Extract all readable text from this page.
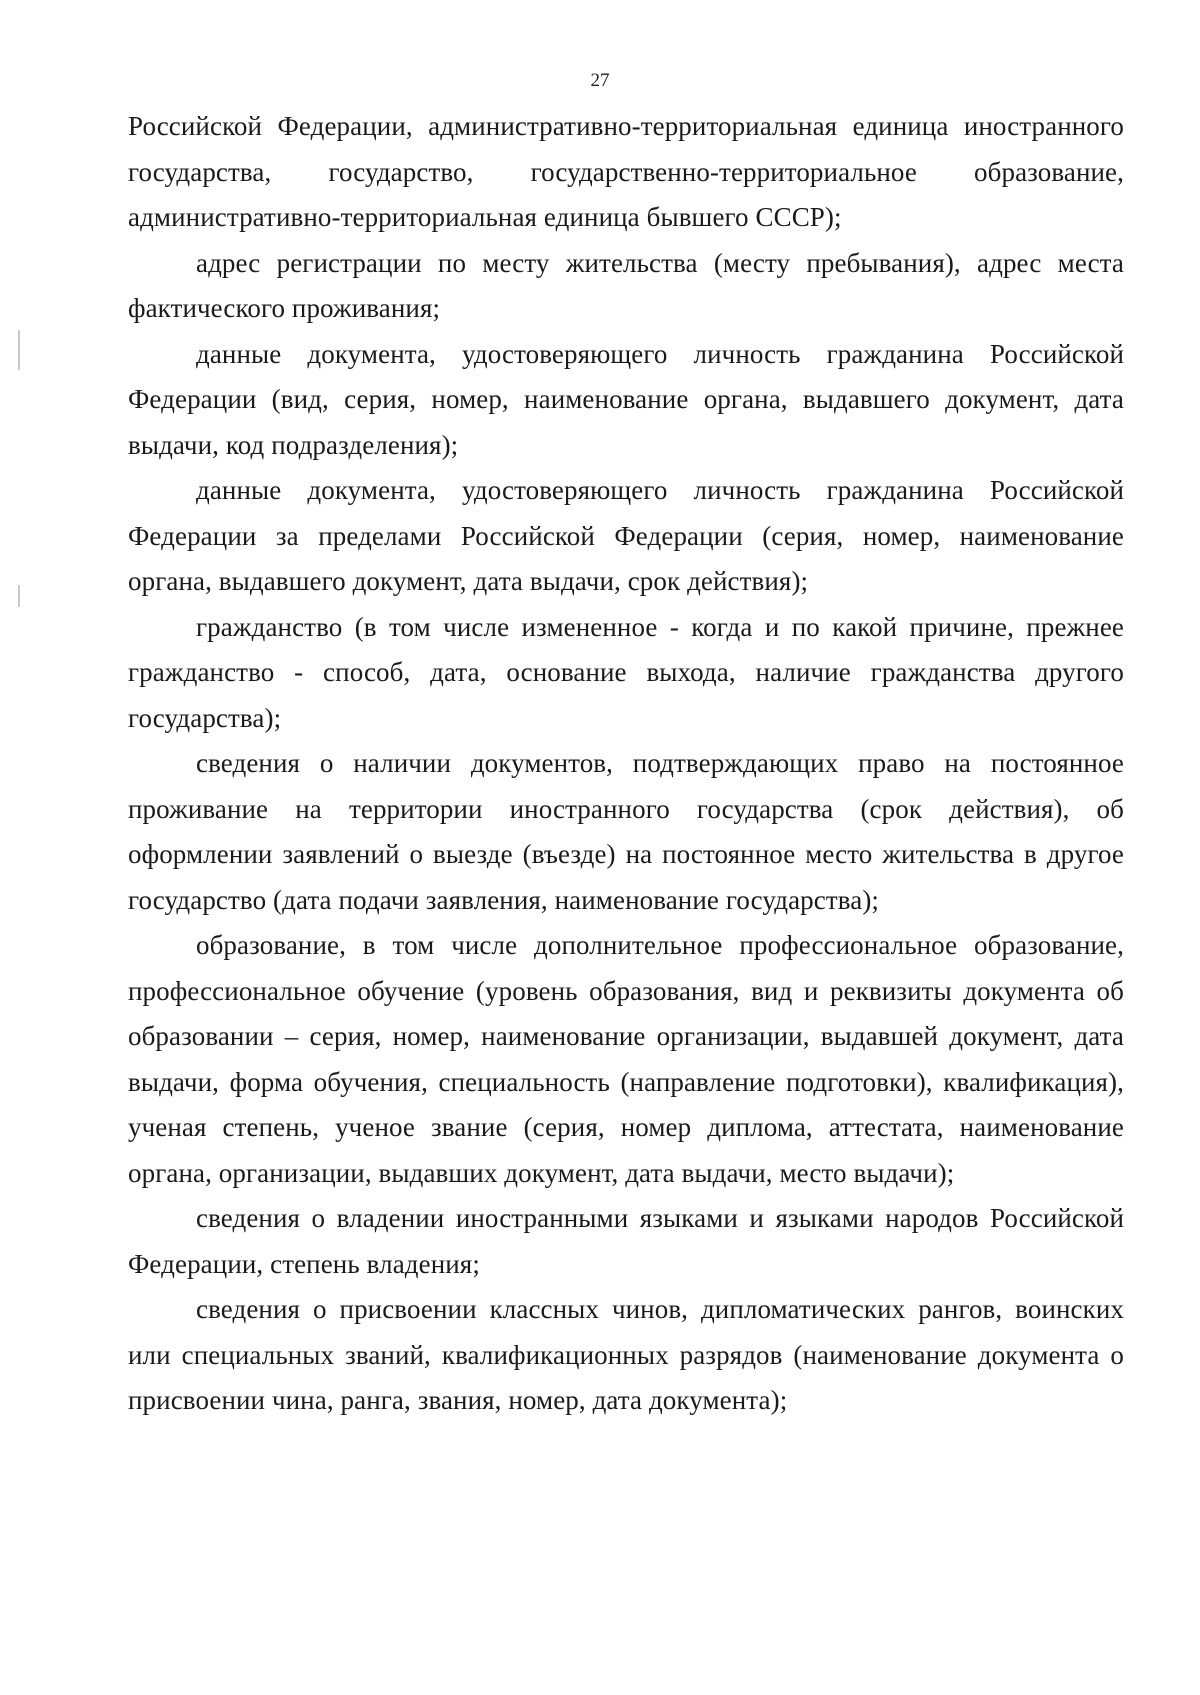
27

Российской Федерации, административно-территориальная единица иностранного государства, государство, государственно-территориальное образование, административно-территориальная единица бывшего СССР);

адрес регистрации по месту жительства (месту пребывания), адрес места фактического проживания;

данные документа, удостоверяющего личность гражданина Российской Федерации (вид, серия, номер, наименование органа, выдавшего документ, дата выдачи, код подразделения);

данные документа, удостоверяющего личность гражданина Российской Федерации за пределами Российской Федерации (серия, номер, наименование органа, выдавшего документ, дата выдачи, срок действия);

гражданство (в том числе измененное - когда и по какой причине, прежнее гражданство - способ, дата, основание выхода, наличие гражданства другого государства);

сведения о наличии документов, подтверждающих право на постоянное проживание на территории иностранного государства (срок действия), об оформлении заявлений о выезде (въезде) на постоянное место жительства в другое государство (дата подачи заявления, наименование государства);

образование, в том числе дополнительное профессиональное образование, профессиональное обучение (уровень образования, вид и реквизиты документа об образовании – серия, номер, наименование организации, выдавшей документ, дата выдачи, форма обучения, специальность (направление подготовки), квалификация), ученая степень, ученое звание (серия, номер диплома, аттестата, наименование органа, организации, выдавших документ, дата выдачи, место выдачи);

сведения о владении иностранными языками и языками народов Российской Федерации, степень владения;

сведения о присвоении классных чинов, дипломатических рангов, воинских или специальных званий, квалификационных разрядов (наименование документа о присвоении чина, ранга, звания, номер, дата документа);
